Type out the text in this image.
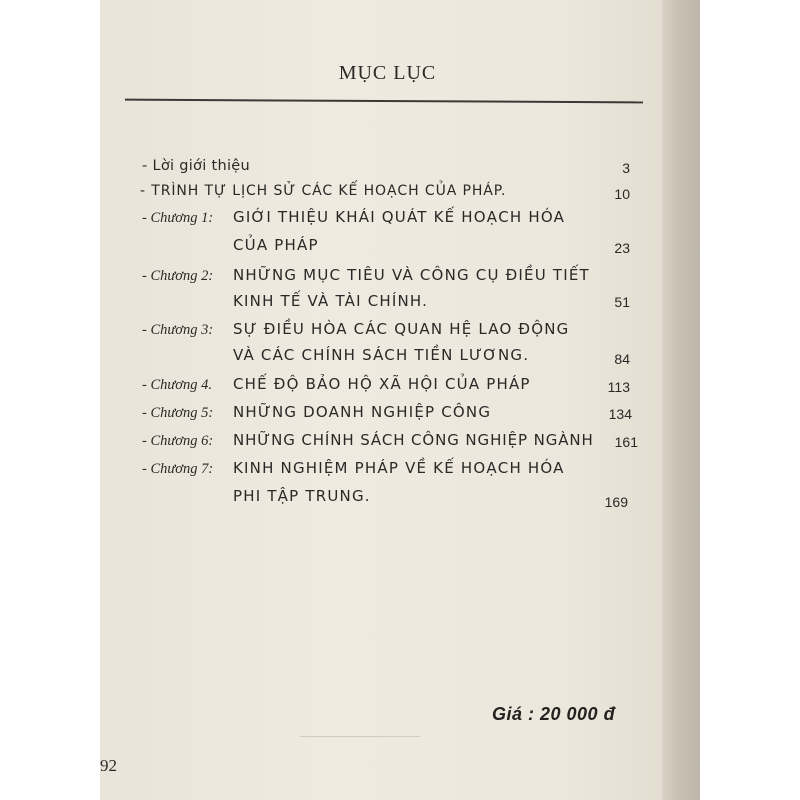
MỤC LỤC
- Lời giới thiệu	3
- TRÌNH TỰ LỊCH SỬ CÁC KẾ HOẠCH CỦA PHÁP.	10
- Chương 1: GIỚI THIỆU KHÁI QUÁT KẾ HOẠCH HÓA
CỦA PHÁP	23
- Chương 2: NHỮNG MỤC TIÊU VÀ CÔNG CỤ ĐIỀU TIẾT
KINH TẾ VÀ TÀI CHÍNH.	51
- Chương 3: SỰ ĐIỀU HÒA CÁC QUAN HỆ LAO ĐỘNG
VÀ CÁC CHÍNH SÁCH TIỀN LƯƠNG.	84
- Chương 4. CHẾ ĐỘ BẢO HỘ XÃ HỘI CỦA PHÁP	113
- Chương 5: NHỮNG DOANH NGHIỆP CÔNG	134
- Chương 6: NHỮNG CHÍNH SÁCH CÔNG NGHIỆP NGÀNH	161
- Chương 7: KINH NGHIỆM PHÁP VỀ KẾ HOẠCH HÓA
PHI TẬP TRUNG.	169
Giá : 20 000 đ
92
